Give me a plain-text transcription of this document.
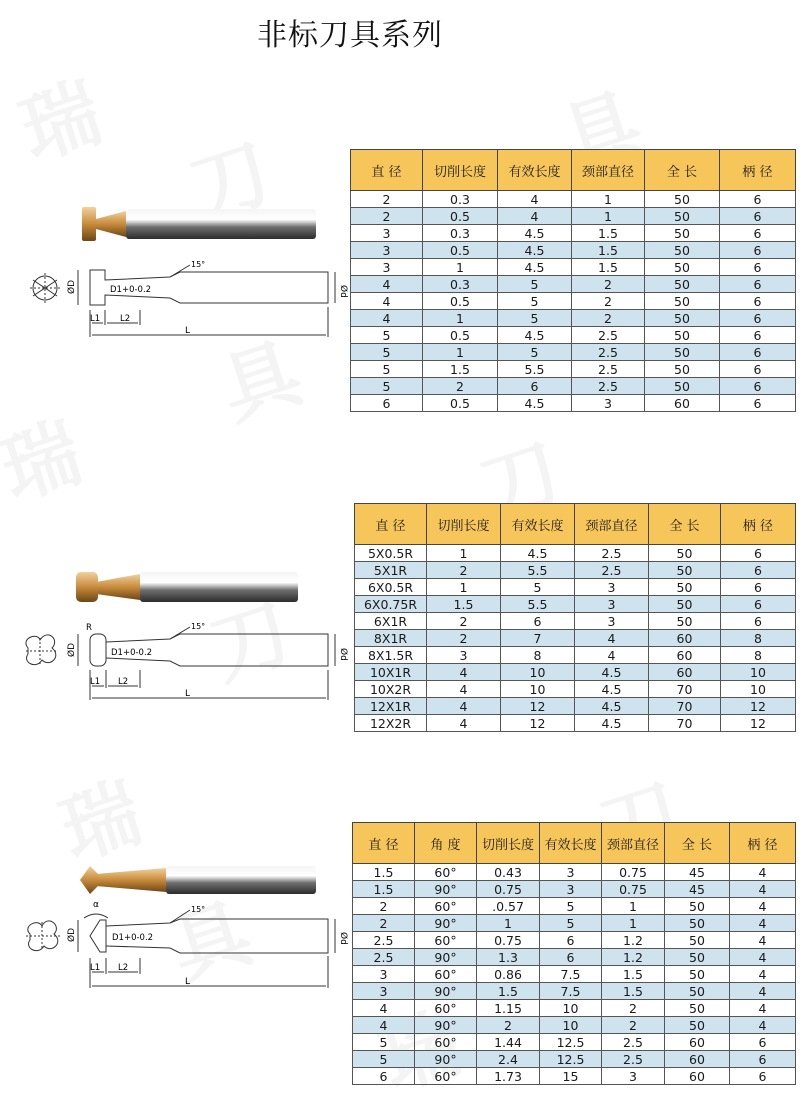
非标刀具系列
15°
ØD	Ød
D1+0-0.2
L1 L2
L
直 径	切削长度	有效长度	颈部直径	全 长	柄 径
2	0.3	4	1	50	6
2	0.5	4	1	50	6
3	0.3	4.5	1.5	50	6
3	0.5	4.5	1.5	50	6
3	1	4.5	1.5	50	6
4	0.3	5	2	50	6
4	0.5	5	2	50	6
4	1	5	2	50	6
5	0.5	4.5	2.5	50	6
5	1	5	2.5	50	6
5	1.5	5.5	2.5	50	6
5	2	6	2.5	50	6
6	0.5	4.5	3	60	6
R	15°
ØD	Ød
D1+0-0.2
L1 L2
L
直 径	切削长度	有效长度	颈部直径	全 长	柄 径
5X0.5R	1	4.5	2.5	50	6
5X1R	2	5.5	2.5	50	6
6X0.5R	1	5	3	50	6
6X0.75R	1.5	5.5	3	50	6
6X1R	2	6	3	50	6
8X1R	2	7	4	60	8
8X1.5R	3	8	4	60	8
10X1R	4	10	4.5	60	10
10X2R	4	10	4.5	70	10
12X1R	4	12	4.5	70	12
12X2R	4	12	4.5	70	12
α	15°
ØD	Ød
D1+0-0.2
L1 L2
L
直 径	角 度	切削长度	有效长度	颈部直径	全 长	柄 径
1.5	60°	0.43	3	0.75	45	4
1.5	90°	0.75	3	0.75	45	4
2	60°	.0.57	5	1	50	4
2	90°	1	5	1	50	4
2.5	60°	0.75	6	1.2	50	4
2.5	90°	1.3	6	1.2	50	4
3	60°	0.86	7.5	1.5	50	4
3	90°	1.5	7.5	1.5	50	4
4	60°	1.15	10	2	50	4
4	90°	2	10	2	50	4
5	60°	1.44	12.5	2.5	60	6
5	90°	2.4	12.5	2.5	60	6
6	60°	1.73	15	3	60	6
